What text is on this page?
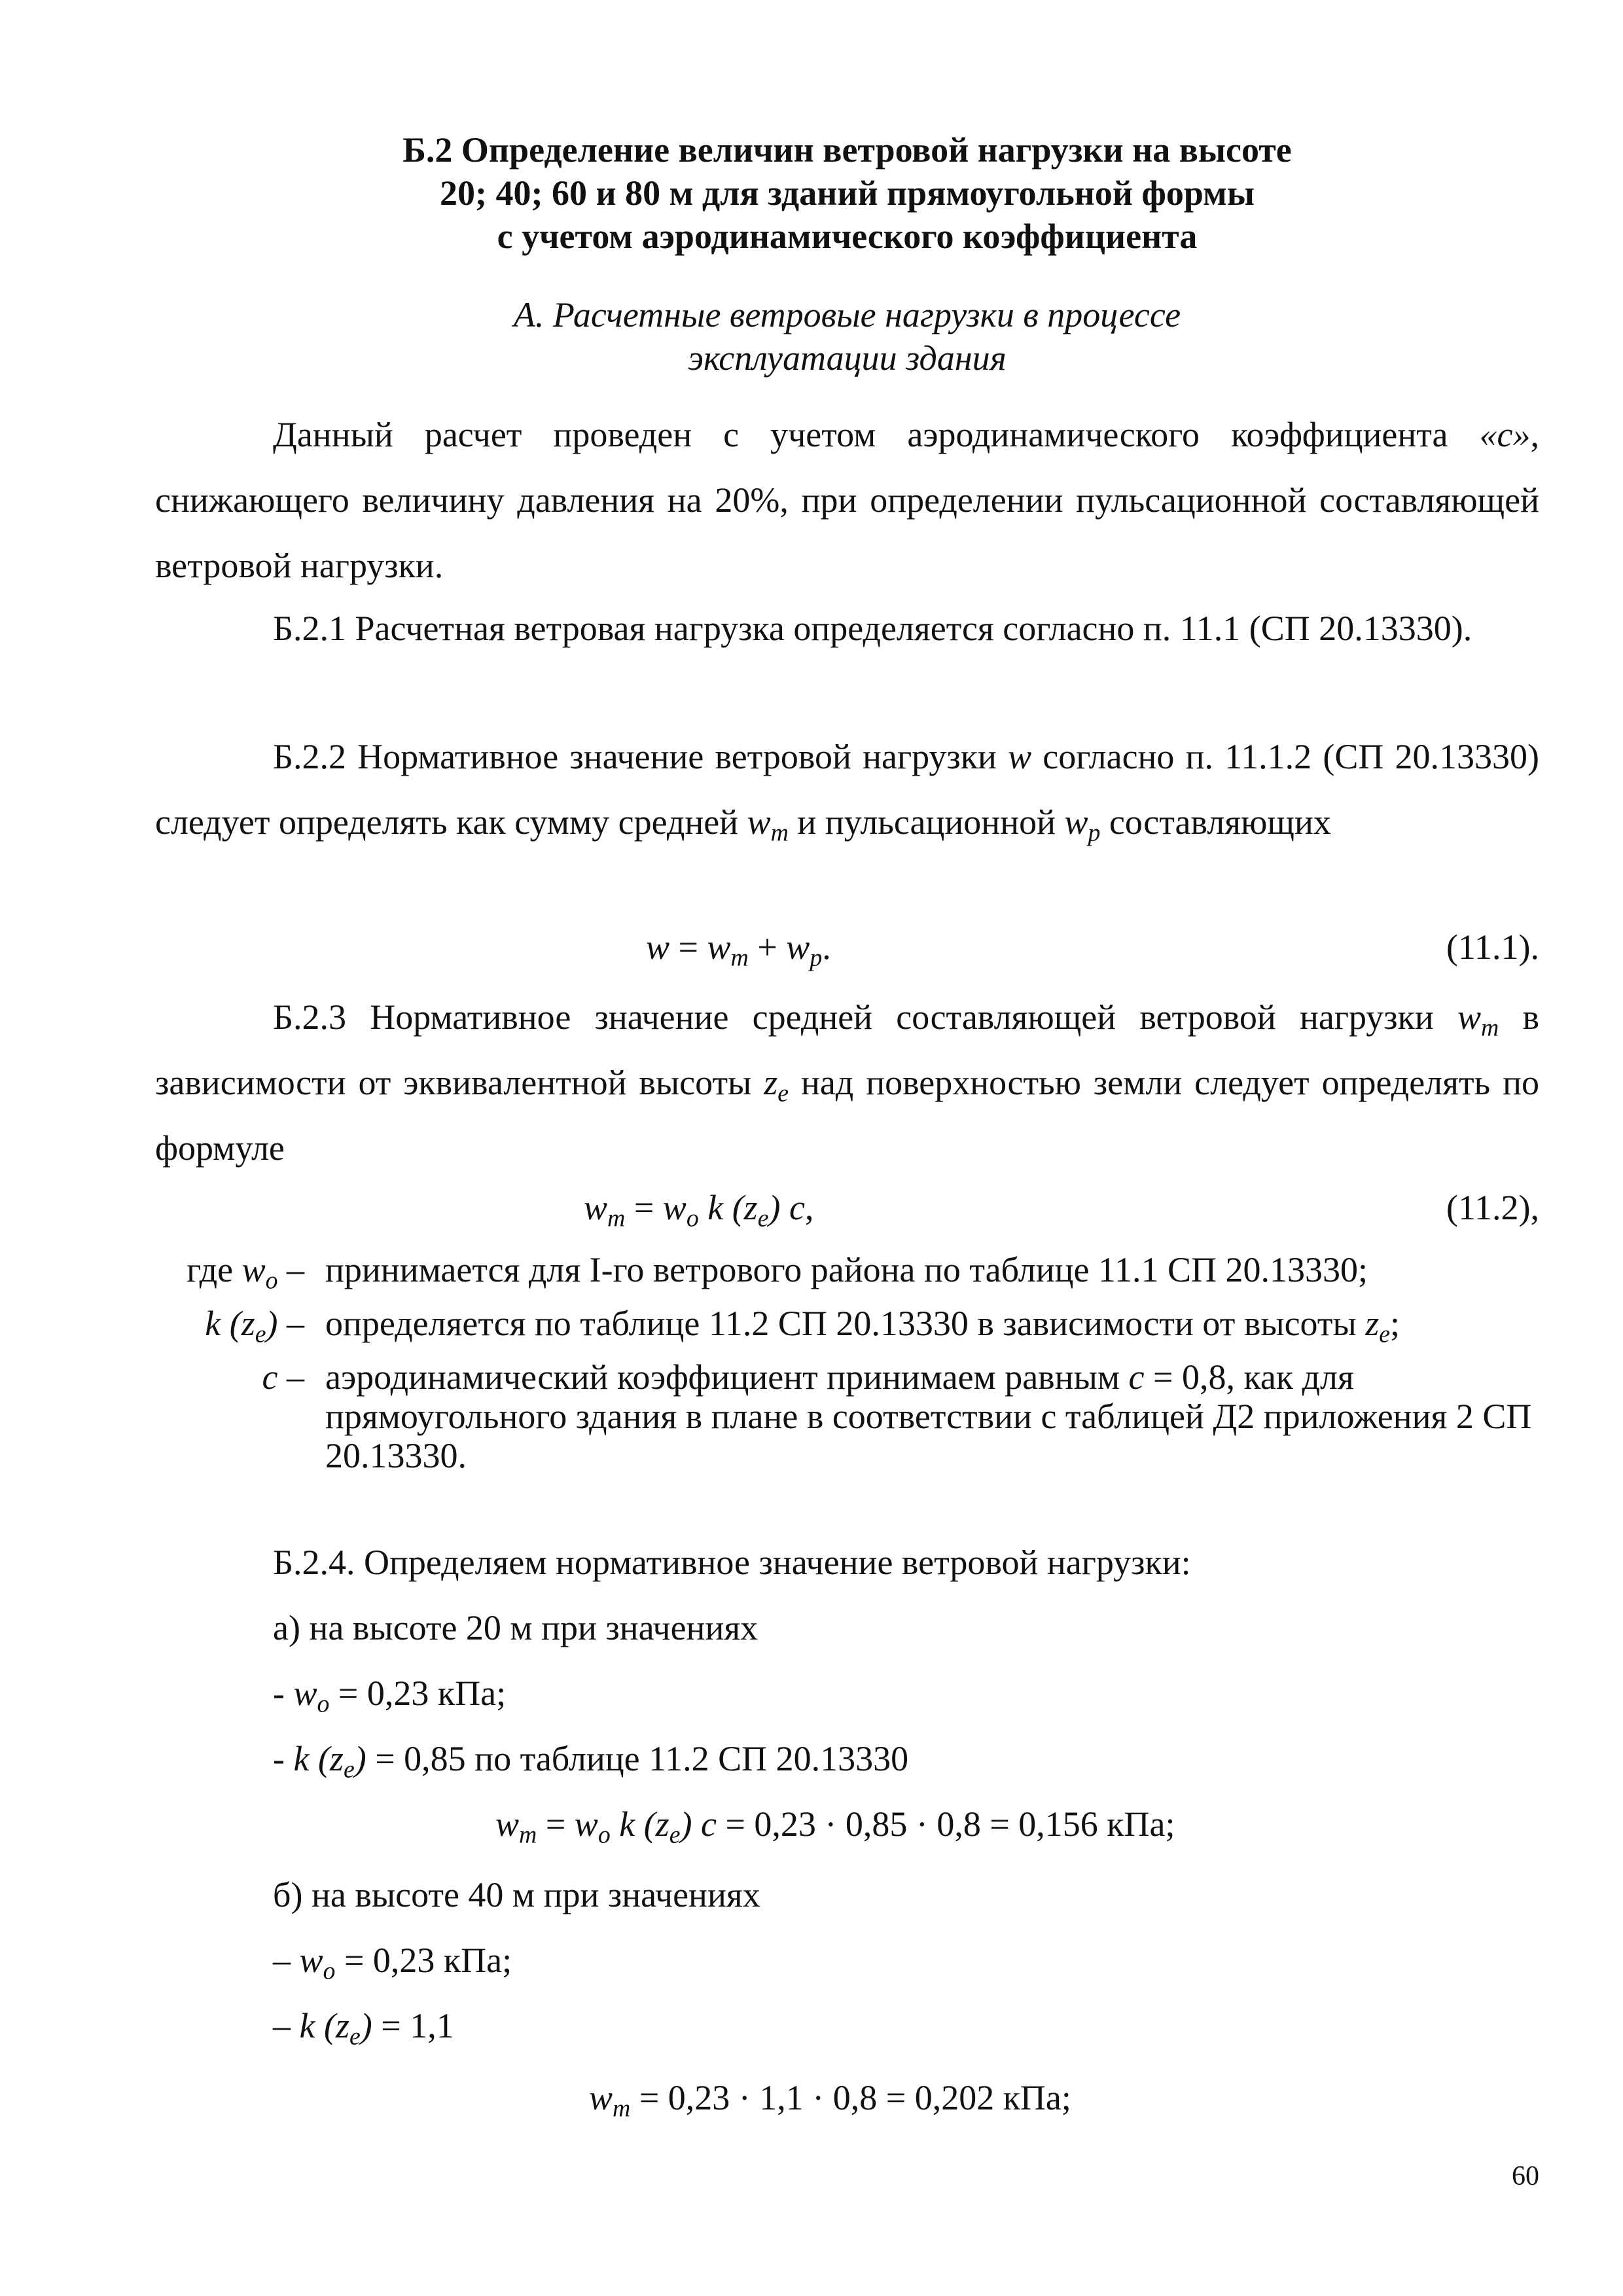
Б.2 Определение величин ветровой нагрузки на высоте
20; 40; 60 и 80 м для зданий прямоугольной формы
с учетом аэродинамического коэффициента
А. Расчетные ветровые нагрузки в процессе
эксплуатации здания

Данный расчет проведен с учетом аэродинамического коэффициента «с», снижающего величину давления на 20%, при определении пульсационной составляющей ветровой нагрузки.

Б.2.1 Расчетная ветровая нагрузка определяется согласно п. 11.1 (СП 20.13330).

Б.2.2 Нормативное значение ветровой нагрузки w согласно п. 11.1.2 (СП 20.13330) следует определять как сумму средней $w_m$ и пульсационной $w_p$ составляющих

$w = w_m + w_p$.	(11.1).

Б.2.3 Нормативное значение средней составляющей ветровой нагрузки $w_m$ в зависимости от эквивалентной высоты $z_e$ над поверхностью земли следует определять по формуле

$w_m = w_o$ k $(z_e)$ c,	(11.2),
где $w_o$ – принимается для I-го ветрового района по таблице 11.1 СП 20.13330;
k $(z_e)$ – определяется по таблице 11.2 СП 20.13330 в зависимости от высоты $z_e$;
c – аэродинамический коэффициент принимаем равным c = 0,8, как для прямоугольного здания в плане в соответствии с таблицей Д2 приложения 2 СП 20.13330.
Б.2.4. Определяем нормативное значение ветровой нагрузки:
а) на высоте 20 м при значениях
- $w_o = 0,23$ кПа;
- k $(z_e) = 0,85$ по таблице 11.2 СП 20.13330
$w_m = w_o$ k $(z_e) c = 0,23 \cdot 0,85 \cdot 0,8 = 0,156$ кПа;
б) на высоте 40 м при значениях
– $w_o = 0,23$ кПа;
– k $(z_e) = 1,1$
$w_m = 0,23 \cdot 1,1 \cdot 0,8 = 0,202$ кПа;
60
